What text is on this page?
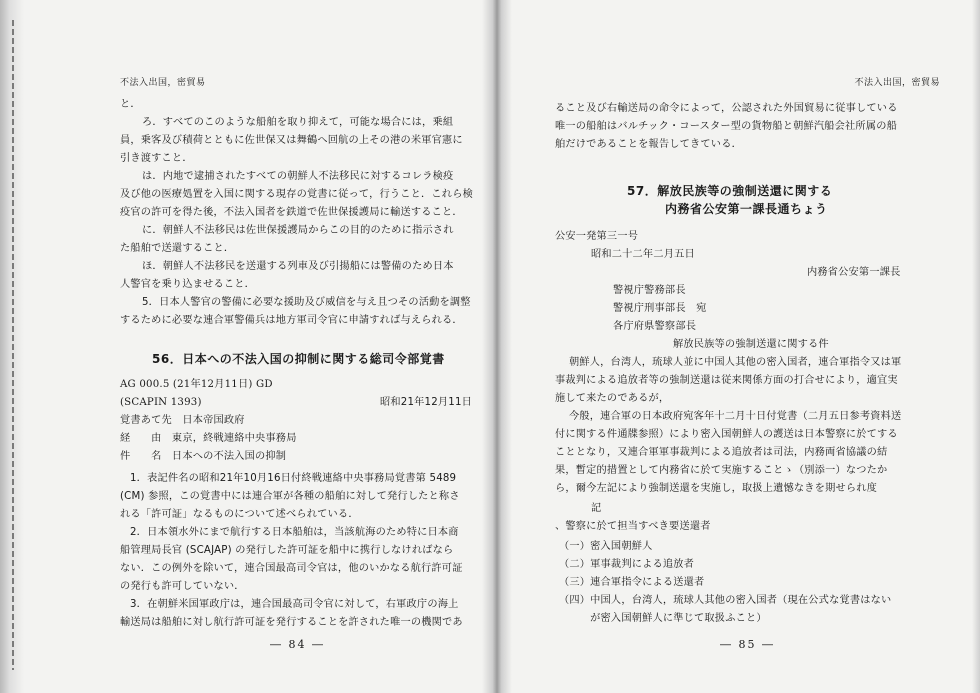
不法入出国，密貿易
と．
ろ．すべてのこのような船舶を取り抑えて，可能な場合には，乗組
員，乗客及び積荷とともに佐世保又は舞鶴へ回航の上その港の米軍官憲に
引き渡すこと．
は．内地で逮捕されたすべての朝鮮人不法移民に対するコレラ検疫
及び他の医療処置を入国に関する現存の覚書に従って，行うこと．これら検
疫官の許可を得た後，不法入国者を鉄道で佐世保援護局に輸送すること．
に．朝鮮人不法移民は佐世保援護局からこの目的のために指示され
た船舶で送還すること．
ほ．朝鮮人不法移民を送還する列車及び引揚船には警備のため日本
人警官を乗り込ませること．
5．日本人警官の警備に必要な援助及び威信を与え且つその活動を調整
するために必要な連合軍警備兵は地方軍司令官に申請すれば与えられる．
56．日本への不法入国の抑制に関する総司令部覚書
AG 000.5 (21年12月11日) GD
(SCAPIN 1393)	昭和21年12月11日
覚書あて先　日本帝国政府
経　　由　東京，終戦連絡中央事務局
件　　名　日本への不法入国の抑制
1．表記件名の昭和21年10月16日付終戦連絡中央事務局覚書第 5489
(CM) 参照，この覚書中には連合軍が各種の船舶に対して発行したと称さ
れる「許可証」なるものについて述べられている．
2．日本領水外にまで航行する日本船舶は，当該航海のため特に日本商
船管理局長官 (SCAJAP) の発行した許可証を船中に携行しなければなら
ない．この例外を除いて，連合国最高司令官は，他のいかなる航行許可証
の発行も許可していない．
3．在朝鮮米国軍政庁は，連合国最高司令官に対して，右軍政庁の海上
輸送局は船舶に対し航行許可証を発行することを許された唯一の機関であ
― 84 ―
不法入出国，密貿易
ること及び右輸送局の命令によって，公認された外国貿易に従事している
唯一の船舶はバルチック・コースター型の貨物船と朝鮮汽船会社所属の船
舶だけであることを報告してきている．
57．解放民族等の強制送還に関する
内務省公安第一課長通ちょう
公安一発第三一号
昭和二十二年二月五日
内務省公安第一課長
警視庁警務部長
警視庁刑事部長　宛
各庁府県警察部長
解放民族等の強制送還に関する件
朝鮮人，台湾人，琉球人並に中国人其他の密入国者，連合軍指令又は軍
事裁判による追放者等の強制送還は従来関係方面の打合せにより，適宜実
施して来たのであるが，
今般，連合軍の日本政府宛客年十二月十日付覚書（二月五日参考資料送
付に関する件通牒参照）により密入国朝鮮人の護送は日本警察に於てする
こととなり，又連合軍軍事裁判による追放者は司法，内務両省協議の結
果，暫定的措置として内務省に於て実施することゝ（別添一）なつたか
ら，爾今左記により強制送還を実施し，取扱上遺憾なきを期せられ度
記
、警察に於て担当すべき要送還者
（一）密入国朝鮮人
（二）軍事裁判による追放者
（三）連合軍指令による送還者
（四）中国人，台湾人，琉球人其他の密入国者（現在公式な覚書はない
　　　が密入国朝鮮人に準じて取扱ふこと）
― 85 ―
